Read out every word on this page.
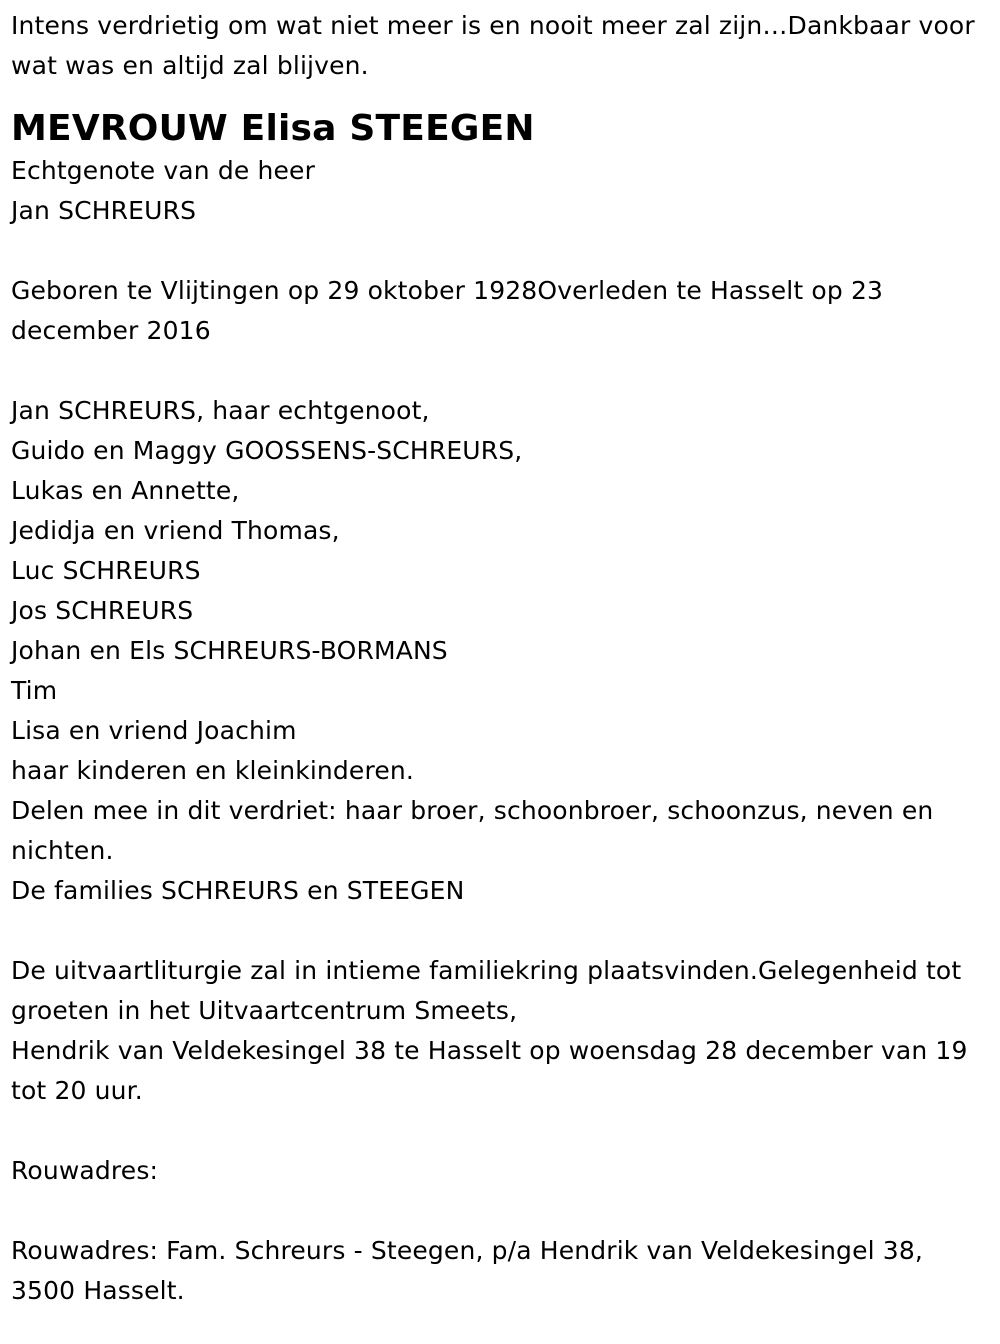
Intens verdrietig om wat niet meer is en nooit meer zal zijn…Dankbaar voor wat was en altijd zal blijven.

MEVROUW Elisa STEEGEN
Echtgenote van de heer
Jan SCHREURS

Geboren te Vlijtingen op 29 oktober 1928Overleden te Hasselt op 23 december 2016

Jan SCHREURS, haar echtgenoot,
Guido en Maggy GOOSSENS-SCHREURS,
Lukas en Annette,
Jedidja en vriend Thomas,
Luc SCHREURS
Jos SCHREURS
Johan en Els SCHREURS-BORMANS
Tim
Lisa en vriend Joachim
haar kinderen en kleinkinderen.

Delen mee in dit verdriet: haar broer, schoonbroer, schoonzus, neven en nichten.

De families SCHREURS en STEEGEN

De uitvaartliturgie zal in intieme familiekring plaatsvinden.Gelegenheid tot groeten in het Uitvaartcentrum Smeets,

Hendrik van Veldekesingel 38 te Hasselt op woensdag 28 december van 19 tot 20 uur.

Rouwadres:

Rouwadres: Fam. Schreurs - Steegen, p/a Hendrik van Veldekesingel 38, 3500 Hasselt.
